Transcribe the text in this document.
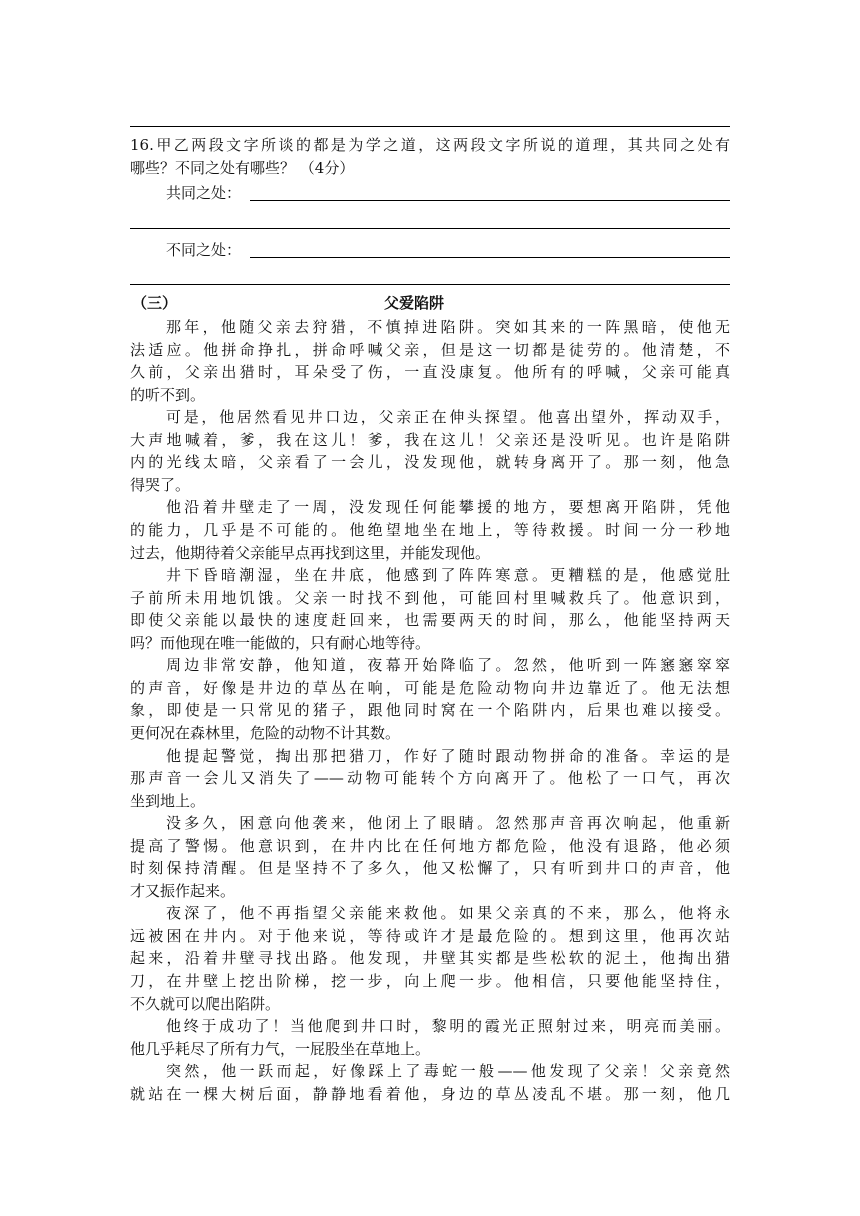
16.甲乙两段文字所谈的都是为学之道，这两段文字所说的道理，其共同之处有
哪些？不同之处有哪些？ （4分）
共同之处：
不同之处：
（三）	父爱陷阱
那年，他随父亲去狩猎，不慎掉进陷阱。突如其来的一阵黑暗，使他无
法适应。他拼命挣扎，拼命呼喊父亲，但是这一切都是徒劳的。他清楚，不
久前，父亲出猎时，耳朵受了伤，一直没康复。他所有的呼喊，父亲可能真
的听不到。
可是，他居然看见井口边，父亲正在伸头探望。他喜出望外，挥动双手，
大声地喊着，爹，我在这儿！爹，我在这儿！父亲还是没听见。也许是陷阱
内的光线太暗，父亲看了一会儿，没发现他，就转身离开了。那一刻，他急
得哭了。
他沿着井壁走了一周，没发现任何能攀援的地方，要想离开陷阱，凭他
的能力，几乎是不可能的。他绝望地坐在地上，等待救援。时间一分一秒地
过去，他期待着父亲能早点再找到这里，并能发现他。
井下昏暗潮湿，坐在井底，他感到了阵阵寒意。更糟糕的是，他感觉肚
子前所未用地饥饿。父亲一时找不到他，可能回村里喊救兵了。他意识到，
即使父亲能以最快的速度赶回来，也需要两天的时间，那么，他能坚持两天
吗？而他现在唯一能做的，只有耐心地等待。
周边非常安静，他知道，夜幕开始降临了。忽然，他听到一阵窸窸窣窣
的声音，好像是井边的草丛在响，可能是危险动物向井边靠近了。他无法想
象，即使是一只常见的猪子，跟他同时窝在一个陷阱内，后果也难以接受。
更何况在森林里，危险的动物不计其数。
他提起警觉，掏出那把猎刀，作好了随时跟动物拼命的准备。幸运的是
那声音一会儿又消失了——动物可能转个方向离开了。他松了一口气，再次
坐到地上。
没多久，困意向他袭来，他闭上了眼睛。忽然那声音再次响起，他重新
提高了警惕。他意识到，在井内比在任何地方都危险，他没有退路，他必须
时刻保持清醒。但是坚持不了多久，他又松懈了，只有听到井口的声音，他
才又振作起来。
夜深了，他不再指望父亲能来救他。如果父亲真的不来，那么，他将永
远被困在井内。对于他来说，等待或许才是最危险的。想到这里，他再次站
起来，沿着井壁寻找出路。他发现，井壁其实都是些松软的泥土，他掏出猎
刀，在井壁上挖出阶梯，挖一步，向上爬一步。他相信，只要他能坚持住，
不久就可以爬出陷阱。
他终于成功了！当他爬到井口时，黎明的霞光正照射过来，明亮而美丽。
他几乎耗尽了所有力气，一屁股坐在草地上。
突然，他一跃而起，好像踩上了毒蛇一般——他发现了父亲！父亲竟然
就站在一棵大树后面，静静地看着他，身边的草丛凌乱不堪。那一刻，他几
